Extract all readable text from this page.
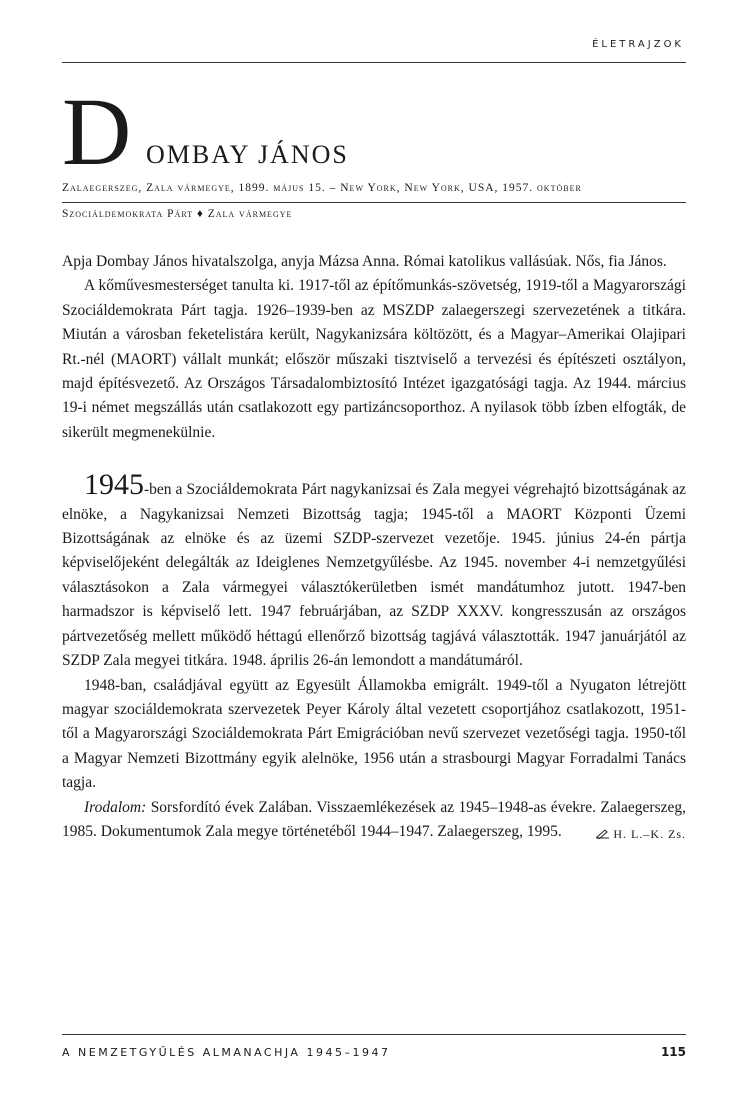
ÉLETRAJZOK
D OMBAY JÁNOS
Zalaegerszeg, Zala vármegye, 1899. május 15. – New York, New York, USA, 1957. október
Szociáldemokrata Párt ♦ Zala vármegye

Apja Dombay János hivatalszolga, anyja Mázsa Anna. Római katolikus vallásúak. Nős, fia János.

A kőművesmesterséget tanulta ki. 1917-től az építőmunkás-szövetség, 1919-től a Magyarországi Szociáldemokrata Párt tagja. 1926–1939-ben az MSZDP zalaegerszegi szervezetének a titkára. Miután a városban feketelistára került, Nagykanizsára költözött, és a Magyar–Amerikai Olajipari Rt.-nél (MAORT) vállalt munkát; először műszaki tisztviselő a tervezési és építészeti osztályon, majd építésvezető. Az Országos Társadalombiztosító Intézet igazgatósági tagja. Az 1944. március 19-i német megszállás után csatlakozott egy partizáncsoporthoz. A nyilasok több ízben elfogták, de sikerült megmenekülnie.

1945-ben a Szociáldemokrata Párt nagykanizsai és Zala megyei végrehajtó bizottságának az elnöke, a Nagykanizsai Nemzeti Bizottság tagja; 1945-től a MAORT Központi Üzemi Bizottságának az elnöke és az üzemi SZDP-szervezet vezetője. 1945. június 24-én pártja képviselőjeként delegálták az Ideiglenes Nemzetgyűlésbe. Az 1945. november 4-i nemzetgyűlési választásokon a Zala vármegyei választókerületben ismét mandátumhoz jutott. 1947-ben harmadszor is képviselő lett. 1947 februárjában, az SZDP XXXV. kongresszusán az országos pártvezetőség mellett működő héttagú ellenőrző bizottság tagjává választották. 1947 januárjától az SZDP Zala megyei titkára. 1948. április 26-án lemondott a mandátumáról.

1948-ban, családjával együtt az Egyesült Államokba emigrált. 1949-től a Nyugaton létrejött magyar szociáldemokrata szervezetek Peyer Károly által vezetett csoportjához csatlakozott, 1951-től a Magyarországi Szociáldemokrata Párt Emigrációban nevű szervezet vezetőségi tagja. 1950-től a Magyar Nemzeti Bizottmány egyik alelnöke, 1956 után a strasbourgi Magyar Forradalmi Tanács tagja.

Irodalom: Sorsfordító évek Zalában. Visszaemlékezések az 1945–1948-as évekre. Zalaegerszeg, 1985. Dokumentumok Zala megye történetéből 1944–1947. Zalaegerszeg, 1995.	H. L.–K. Zs.
A NEMZETGYŰLÉS ALMANACHJA 1945–1947	115
